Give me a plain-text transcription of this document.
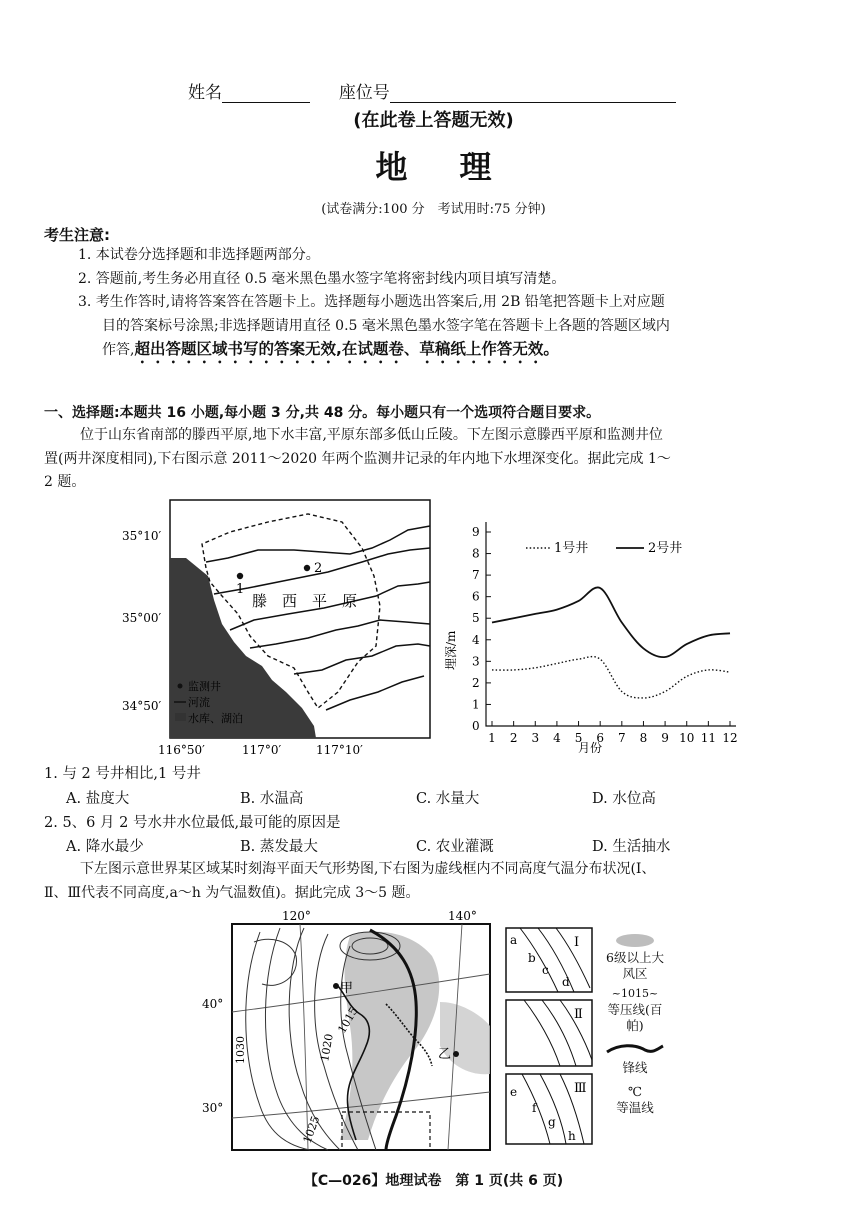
姓名	座位号
(在此卷上答题无效)
地理
(试卷满分:100 分　考试用时:75 分钟)
考生注意:
1. 本试卷分选择题和非选择题两部分。
2. 答题前,考生务必用直径 0.5 毫米黑色墨水签字笔将密封线内项目填写清楚。
3. 考生作答时,请将答案答在答题卡上。选择题每小题选出答案后,用 2B 铅笔把答题卡上对应题
目的答案标号涂黑;非选择题请用直径 0.5 毫米黑色墨水签字笔在答题卡上各题的答题区域内
作答,超出答题区域书写的答案无效,在试题卷、草稿纸上作答无效。
一、选择题:本题共 16 小题,每小题 3 分,共 48 分。每小题只有一个选项符合题目要求。
位于山东省南部的滕西平原,地下水丰富,平原东部多低山丘陵。下左图示意滕西平原和监测井位
置(两井深度相同),下右图示意 2011～2020 年两个监测井记录的年内地下水埋深变化。据此完成 1～
2 题。
1
2
滕　西　平　原
35°10′
35°00′
34°50′
116°50′	117°0′	117°10′
监测井
河流
水库、湖泊
1 2 3 4 5 6 7 8 9 10 11 12
0
1
2
3
4
5
6
7
8
9
1号井	2号井
埋深/m
月份
1. 与 2 号井相比,1 号井
A. 盐度大	B. 水温高	C. 水量大	D. 水位高
2. 5、6 月 2 号水井水位最低,最可能的原因是
A. 降水最少	B. 蒸发最大	C. 农业灌溉	D. 生活抽水
下左图示意世界某区域某时刻海平面天气形势图,下右图为虚线框内不同高度气温分布状况(Ⅰ、
Ⅱ、Ⅲ代表不同高度,a～h 为气温数值)。据此完成 3～5 题。
120°	140°
40°
30°
甲
乙
1030
1015
1020
1025
a
b
c
d
Ⅰ
Ⅱ
e
f
g
h
Ⅲ
6级以上大风区
~1015~
等压线(百帕)
锋线
℃
等温线
【C—026】地理试卷　第 1 页(共 6 页)
